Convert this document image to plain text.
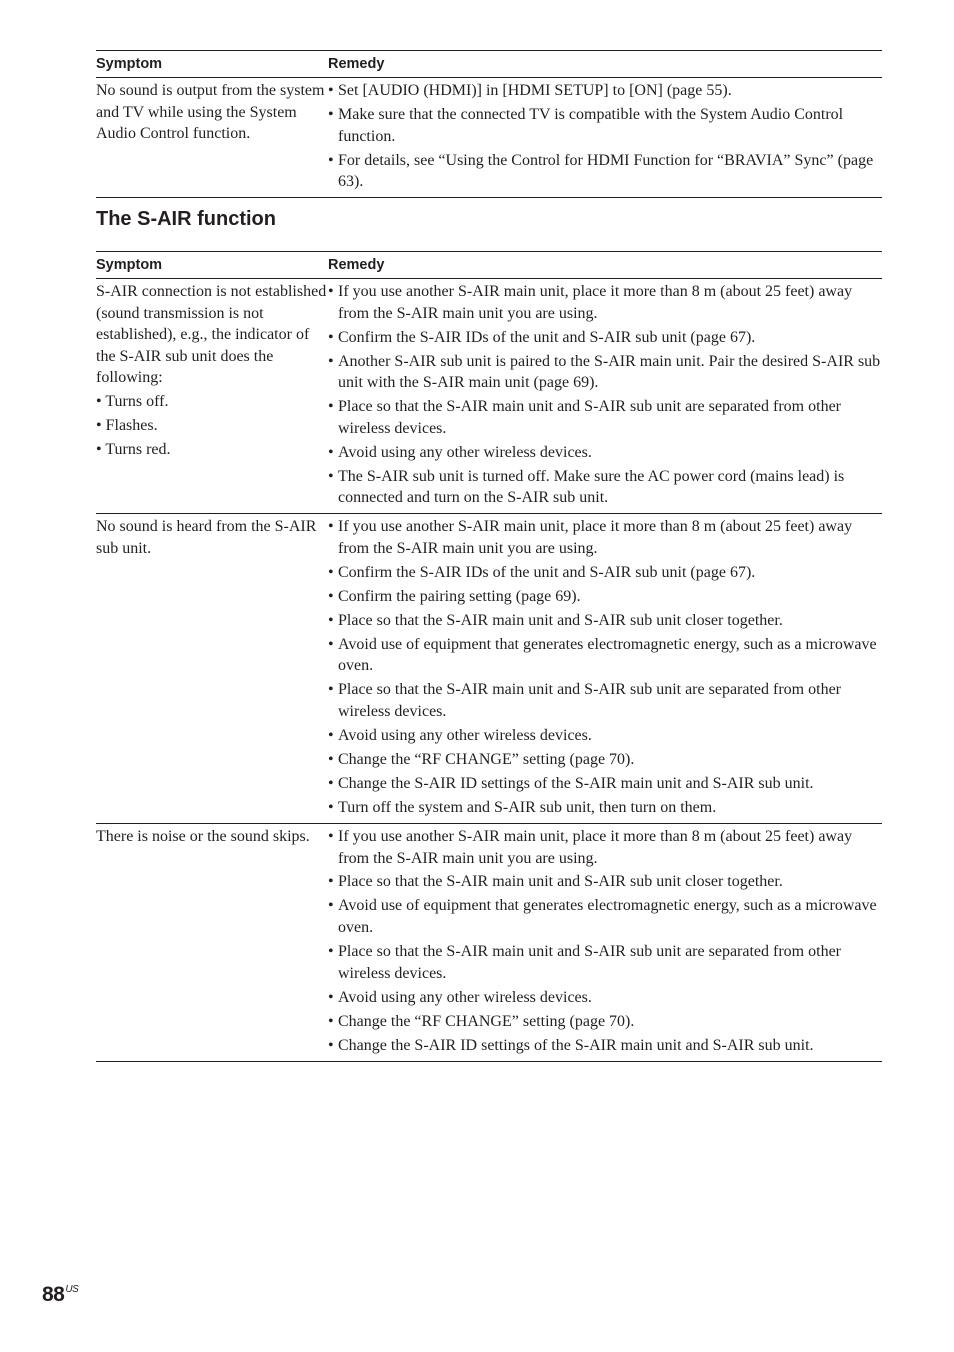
Symptom	Remedy
No sound is output from the system and TV while using the System Audio Control function.
• Set [AUDIO (HDMI)] in [HDMI SETUP] to [ON] (page 55).
• Make sure that the connected TV is compatible with the System Audio Control function.
• For details, see “Using the Control for HDMI Function for “BRAVIA” Sync” (page 63).
The S-AIR function
Symptom	Remedy
S-AIR connection is not established (sound transmission is not established), e.g., the indicator of the S-AIR sub unit does the following:
• Turns off.
• Flashes.
• Turns red.
• If you use another S-AIR main unit, place it more than 8 m (about 25 feet) away from the S-AIR main unit you are using.
• Confirm the S-AIR IDs of the unit and S-AIR sub unit (page 67).
• Another S-AIR sub unit is paired to the S-AIR main unit. Pair the desired S-AIR sub unit with the S-AIR main unit (page 69).
• Place so that the S-AIR main unit and S-AIR sub unit are separated from other wireless devices.
• Avoid using any other wireless devices.
• The S-AIR sub unit is turned off. Make sure the AC power cord (mains lead) is connected and turn on the S-AIR sub unit.
No sound is heard from the S-AIR sub unit.
• If you use another S-AIR main unit, place it more than 8 m (about 25 feet) away from the S-AIR main unit you are using.
• Confirm the S-AIR IDs of the unit and S-AIR sub unit (page 67).
• Confirm the pairing setting (page 69).
• Place so that the S-AIR main unit and S-AIR sub unit closer together.
• Avoid use of equipment that generates electromagnetic energy, such as a microwave oven.
• Place so that the S-AIR main unit and S-AIR sub unit are separated from other wireless devices.
• Avoid using any other wireless devices.
• Change the “RF CHANGE” setting (page 70).
• Change the S-AIR ID settings of the S-AIR main unit and S-AIR sub unit.
• Turn off the system and S-AIR sub unit, then turn on them.
There is noise or the sound skips.
•	If you use another S-AIR main unit, place it more than 8 m (about 25 feet) away from the S-AIR main unit you are using.
• Place so that the S-AIR main unit and S-AIR sub unit closer together.
• Avoid use of equipment that generates electromagnetic energy, such as a microwave oven.
• Place so that the S-AIR main unit and S-AIR sub unit are separated from other wireless devices.
• Avoid using any other wireless devices.
• Change the “RF CHANGE” setting (page 70).
• Change the S-AIR ID settings of the S-AIR main unit and S-AIR sub unit.
$88^{US}$
